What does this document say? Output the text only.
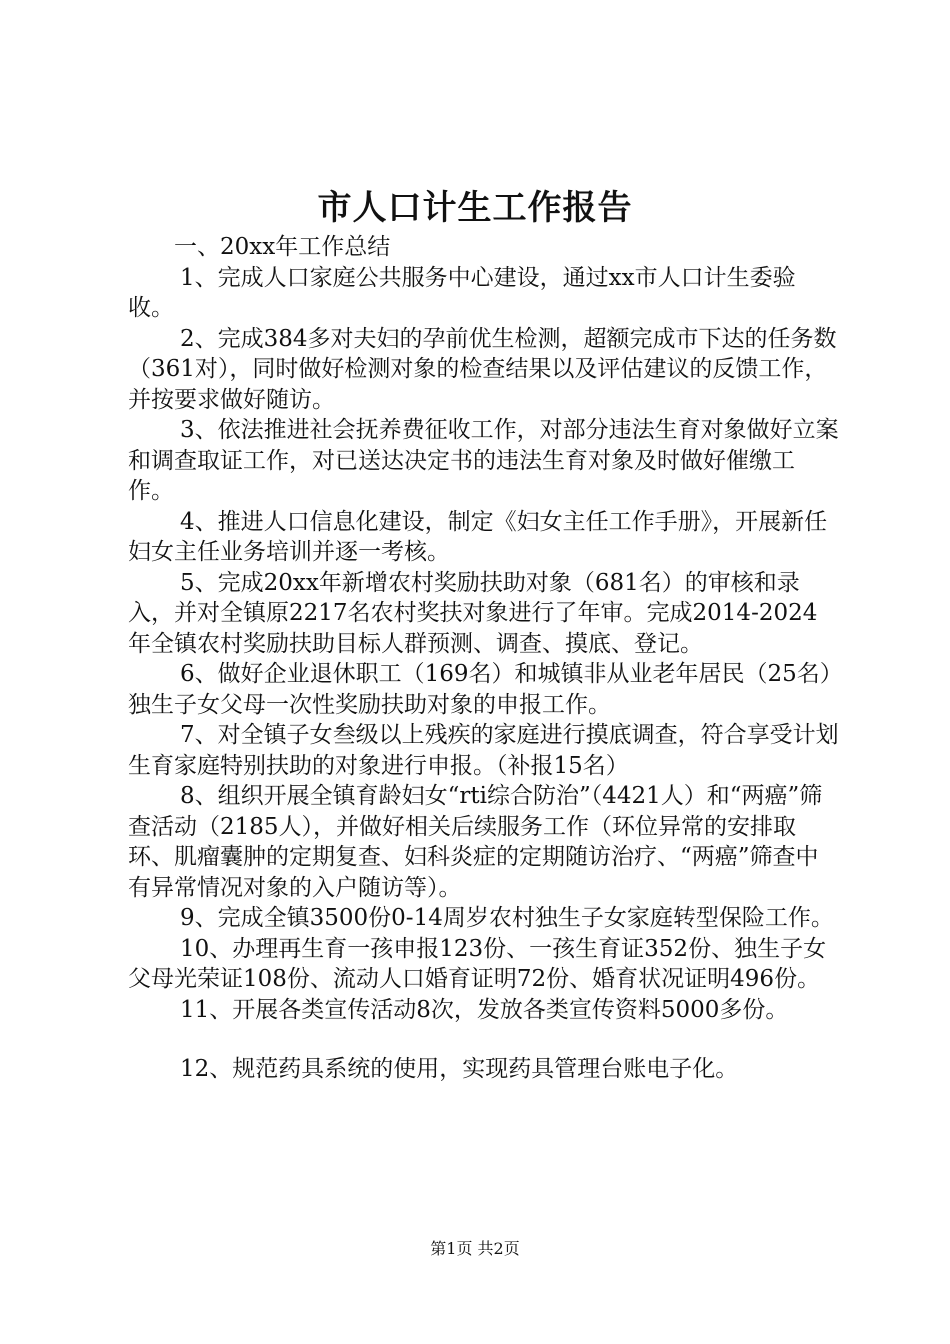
市人口计生工作报告

一、20xx年工作总结

1、完成人口家庭公共服务中心建设，通过xx市人口计生委验收。

2、完成384多对夫妇的孕前优生检测，超额完成市下达的任务数（361对），同时做好检测对象的检查结果以及评估建议的反馈工作，并按要求做好随访。

3、依法推进社会抚养费征收工作，对部分违法生育对象做好立案和调查取证工作，对已送达决定书的违法生育对象及时做好催缴工作。

4、推进人口信息化建设，制定《妇女主任工作手册》，开展新任妇女主任业务培训并逐一考核。

5、完成20xx年新增农村奖励扶助对象（681名）的审核和录入，并对全镇原2217名农村奖扶对象进行了年审。完成2014-2024年全镇农村奖励扶助目标人群预测、调查、摸底、登记。

6、做好企业退休职工（169名）和城镇非从业老年居民（25名）独生子女父母一次性奖励扶助对象的申报工作。

7、对全镇子女叁级以上残疾的家庭进行摸底调查，符合享受计划生育家庭特别扶助的对象进行申报。（补报15名）

8、组织开展全镇育龄妇女“rti综合防治”（4421人）和“两癌”筛查活动（2185人），并做好相关后续服务工作（环位异常的安排取环、肌瘤囊肿的定期复查、妇科炎症的定期随访治疗、“两癌”筛查中有异常情况对象的入户随访等）。

9、完成全镇3500份0-14周岁农村独生子女家庭转型保险工作。

10、办理再生育一孩申报123份、一孩生育证352份、独生子女父母光荣证108份、流动人口婚育证明72份、婚育状况证明496份。

11、开展各类宣传活动8次，发放各类宣传资料5000多份。

12、规范药具系统的使用，实现药具管理台账电子化。

第1页 共2页
